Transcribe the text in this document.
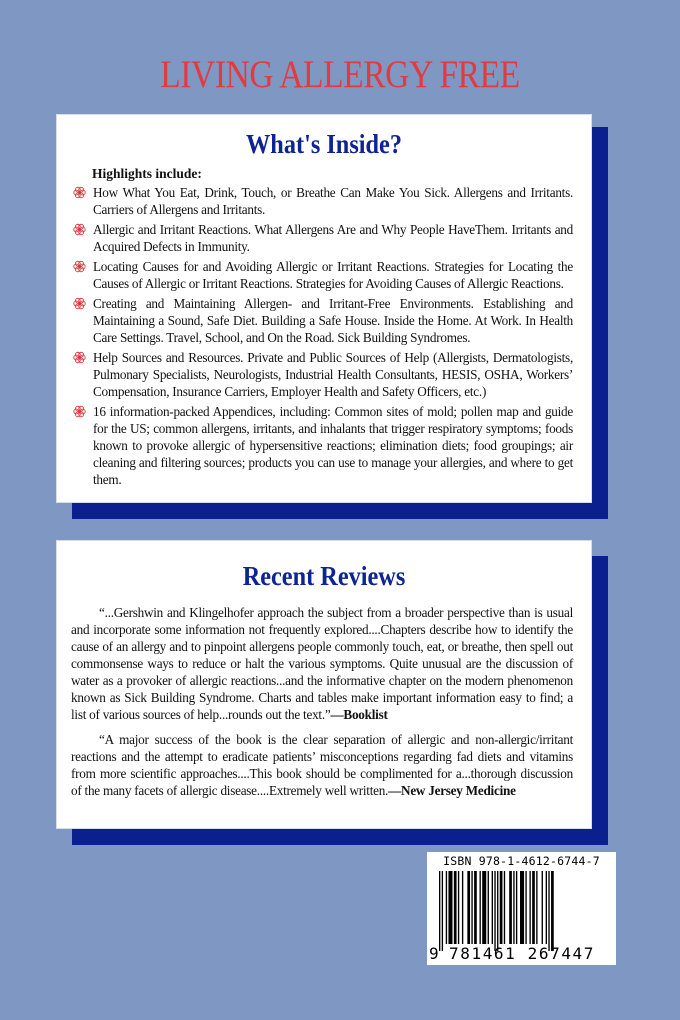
LIVING ALLERGY FREE
What's Inside?
Highlights include:
How What You Eat, Drink, Touch, or Breathe Can Make You Sick. Allergens and Irritants. Carriers of Allergens and Irritants.
Allergic and Irritant Reactions. What Allergens Are and Why People HaveThem. Irritants and Acquired Defects in Immunity.
Locating Causes for and Avoiding Allergic or Irritant Reactions. Strategies for Locating the Causes of Allergic or Irritant Reactions. Strategies for Avoiding Causes of Allergic Reactions.
Creating and Maintaining Allergen- and Irritant-Free Environments. Establishing and Maintaining a Sound, Safe Diet. Building a Safe House. Inside the Home. At Work. In Health Care Settings. Travel, School, and On the Road. Sick Building Syndromes.
Help Sources and Resources. Private and Public Sources of Help (Allergists, Dermatologists, Pulmonary Specialists, Neurologists, Industrial Health Consultants, HESIS, OSHA, Workers’ Compensation, Insurance Carriers, Employer Health and Safety Officers, etc.)
16 information-packed Appendices, including: Common sites of mold; pollen map and guide for the US; common allergens, irritants, and inhalants that trigger respiratory symptoms; foods known to provoke allergic of hypersensitive reactions; elimination diets; food groupings; air cleaning and filtering sources; products you can use to manage your allergies, and where to get them.
Recent Reviews

“...Gershwin and Klingelhofer approach the subject from a broader perspective than is usual and incorporate some information not frequently explored....Chapters describe how to identify the cause of an allergy and to pinpoint allergens people commonly touch, eat, or breathe, then spell out commonsense ways to reduce or halt the various symptoms. Quite unusual are the discussion of water as a provoker of allergic reactions...and the informative chapter on the modern phenomenon known as Sick Building Syndrome. Charts and tables make important information easy to find; a list of various sources of help...rounds out the text.”—Booklist

“A major success of the book is the clear separation of allergic and non-allergic/irritant reactions and the attempt to eradicate patients’ misconceptions regarding fad diets and vitamins from more scientific approaches....This book should be complimented for a...thorough discussion of the many facets of allergic disease....Extremely well written.—New Jersey Medicine

ISBN 978-1-4612-6744-7
9 781461 267447
